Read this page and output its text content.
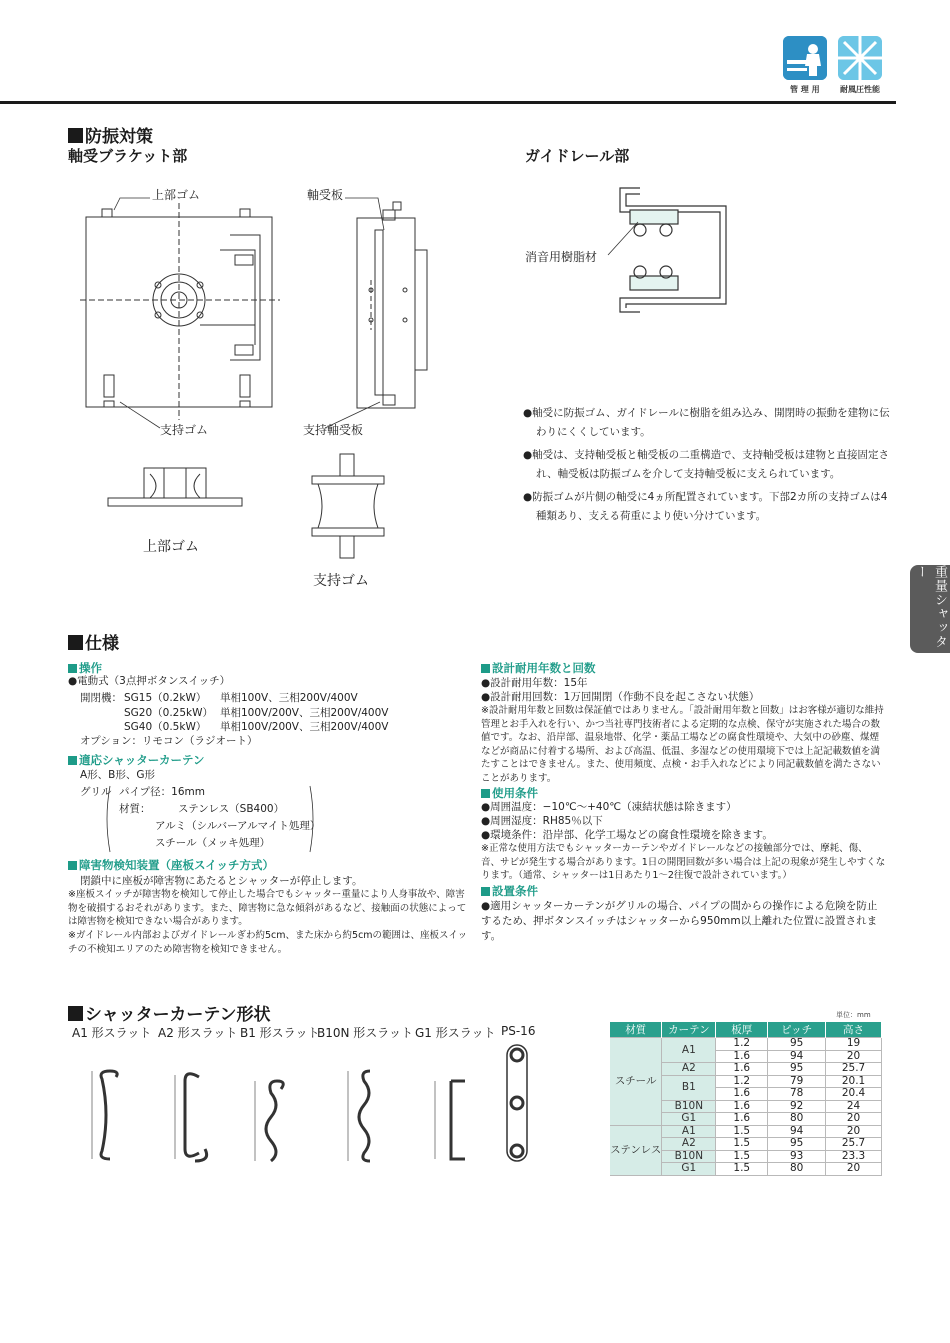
管 理 用	耐風圧性能
重量シャッター
防振対策
軸受ブラケット部	ガイドレール部
上部ゴム
支持ゴム
軸受板
支持軸受板
上部ゴム
支持ゴム
消音用樹脂材
● 軸受に防振ゴム、ガイドレールに樹脂を組み込み、開閉時の振動を建物に伝わりにくくしています。
● 軸受は、支持軸受板と軸受板の二重構造で、支持軸受板は建物と直接固定され、軸受板は防振ゴムを介して支持軸受板に支えられています。
● 防振ゴムが片側の軸受に4ヵ所配置されています。下部2カ所の支持ゴムは4種類あり、支える荷重により使い分けています。
仕様
操作
●電動式（3点押ボタンスイッチ）
開閉機： SG15（0.2kW） 単相100V、三相200V/400V
SG20（0.25kW） 単相100V/200V、三相200V/400V
SG40（0.5kW） 単相100V/200V、三相200V/400V
オプション：リモコン（ラジオート）
適応シャッターカーテン
A形、B形、G形
グリル パイプ径：16mm
材質：	ステンレス（SB400）
アルミ（シルバーアルマイト処理）
スチール（メッキ処理）
障害物検知装置（座板スイッチ方式）
閉鎖中に座板が障害物にあたるとシャッターが停止します。
※座板スイッチが障害物を検知して停止した場合でもシャッター重量により人身事故や、障害物を破損するおそれがあります。また、障害物に急な傾斜があるなど、接触面の状態によっては障害物を検知できない場合があります。
※ガイドレール内部およびガイドレールぎわ約5cm、また床から約5cmの範囲は、座板スイッチの不検知エリアのため障害物を検知できません。
設計耐用年数と回数
● 設計耐用年数：15年
● 設計耐用回数：1万回開閉（作動不良を起こさない状態）
※設計耐用年数と回数は保証値ではありません。「設計耐用年数と回数」はお客様が適切な維持管理とお手入れを行い、かつ当社専門技術者による定期的な点検、保守が実施された場合の数値です。なお、沿岸部、温泉地帯、化学・薬品工場などの腐食性環境や、大気中の砂塵、煤煙などが商品に付着する場所、および高温、低温、多湿などの使用環境下では上記記載数値を満たすことはできません。また、使用頻度、点検・お手入れなどにより同記載数値を満たさないことがあります。
使用条件
● 周囲温度：−10℃〜+40℃（凍結状態は除きます）
● 周囲湿度：RH85％以下
● 環境条件：沿岸部、化学工場などの腐食性環境を除きます。
※正常な使用方法でもシャッターカーテンやガイドレールなどの接触部分では、摩耗、傷、音、サビが発生する場合があります。1日の開閉回数が多い場合は上記の現象が発生しやすくなります。（通常、シャッターは1日あたり1〜2往復で設計されています。）
設置条件
● 適用シャッターカーテンがグリルの場合、パイプの間からの操作による危険を防止するため、押ボタンスイッチはシャッターから950mm以上離れた位置に設置されます。
シャッターカーテン形状
A1 形スラット A2 形スラット B1 形スラット
B10N 形スラット G1 形スラット PS-16
単位：mm
材質	カーテン	板厚	ピッチ	高さ
スチール	A1	1.2	95	19
		1.6	94	20
	A2	1.6	95	25.7
	B1	1.2	79	20.1
		1.6	78	20.4
	B10N	1.6	92	24
	G1	1.6	80	20
ステンレス	A1	1.5	94	20
	A2	1.5	95	25.7
	B10N	1.5	93	23.3
	G1	1.5	80	20
